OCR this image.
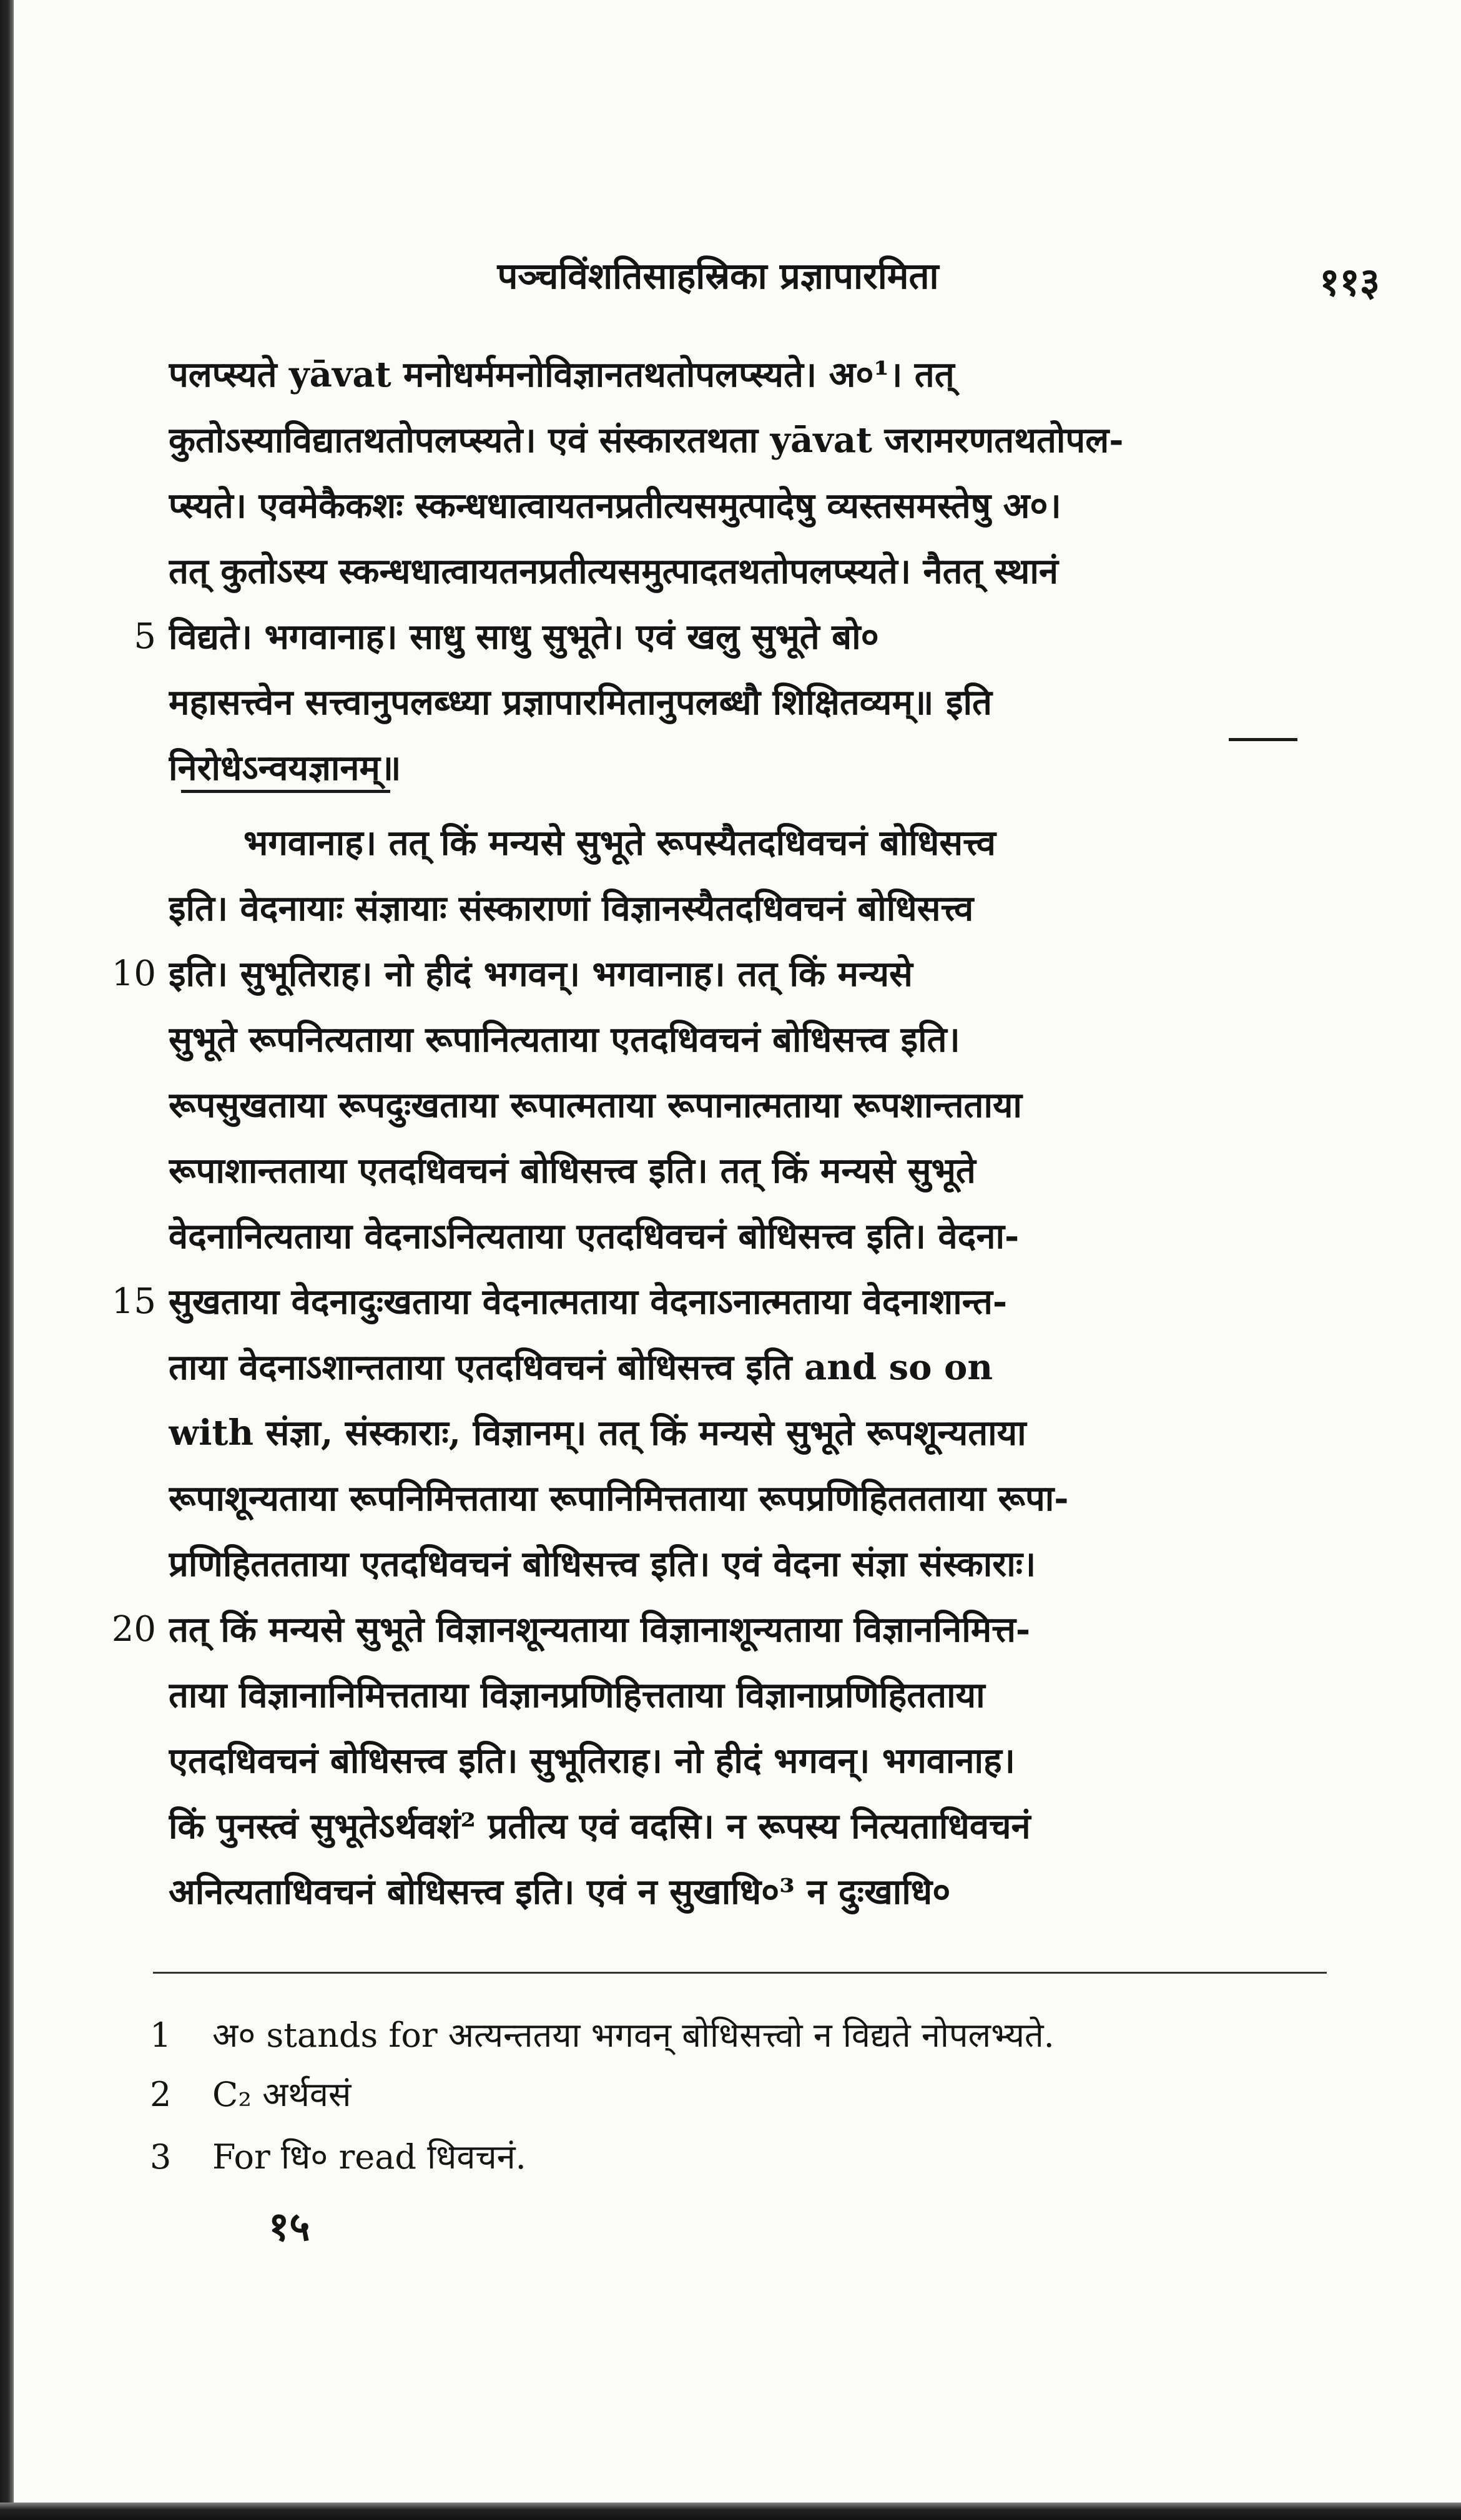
पञ्चविंशतिसाहस्रिका प्रज्ञापारमिता	११३
पलप्स्यते yāvat मनोधर्ममनोविज्ञानतथतोपलप्स्यते। अ०¹। तत्
कुतोऽस्याविद्यातथतोपलप्स्यते। एवं संस्कारतथता yāvat जरामरणतथतोपल-
प्स्यते। एवमेकैकशः स्कन्धधात्वायतनप्रतीत्यसमुत्पादेषु व्यस्तसमस्तेषु अ०।
तत् कुतोऽस्य स्कन्धधात्वायतनप्रतीत्यसमुत्पादतथतोपलप्स्यते। नैतत् स्थानं
5 विद्यते। भगवानाह। साधु साधु सुभूते। एवं खलु सुभूते बो०
महासत्त्वेन सत्त्वानुपलब्ध्या प्रज्ञापारमितानुपलब्धौ शिक्षितव्यम्॥ इति
निरोधेऽन्वयज्ञानम्॥
भगवानाह। तत् किं मन्यसे सुभूते रूपस्यैतदधिवचनं बोधिसत्त्व
इति। वेदनायाः संज्ञायाः संस्काराणां विज्ञानस्यैतदधिवचनं बोधिसत्त्व
10 इति। सुभूतिराह। नो हीदं भगवन्। भगवानाह। तत् किं मन्यसे
सुभूते रूपनित्यताया रूपानित्यताया एतदधिवचनं बोधिसत्त्व इति।
रूपसुखताया रूपदुःखताया रूपात्मताया रूपानात्मताया रूपशान्तताया
रूपाशान्तताया एतदधिवचनं बोधिसत्त्व इति। तत् किं मन्यसे सुभूते
वेदनानित्यताया वेदनाऽनित्यताया एतदधिवचनं बोधिसत्त्व इति। वेदना-
15 सुखताया वेदनादुःखताया वेदनात्मताया वेदनाऽनात्मताया वेदनाशान्त-
ताया वेदनाऽशान्तताया एतदधिवचनं बोधिसत्त्व इति and so on
with संज्ञा, संस्काराः, विज्ञानम्। तत् किं मन्यसे सुभूते रूपशून्यताया
रूपाशून्यताया रूपनिमित्तताया रूपानिमित्तताया रूपप्रणिहिततताया रूपा-
प्रणिहिततताया एतदधिवचनं बोधिसत्त्व इति। एवं वेदना संज्ञा संस्काराः।
20 तत् किं मन्यसे सुभूते विज्ञानशून्यताया विज्ञानाशून्यताया विज्ञाननिमित्त-
ताया विज्ञानानिमित्तताया विज्ञानप्रणिहित्तताया विज्ञानाप्रणिहितताया
एतदधिवचनं बोधिसत्त्व इति। सुभूतिराह। नो हीदं भगवन्। भगवानाह।
किं पुनस्त्वं सुभूतेऽर्थवशं² प्रतीत्य एवं वदसि। न रूपस्य नित्यताधिवचनं
अनित्यताधिवचनं बोधिसत्त्व इति। एवं न सुखाधि०³ न दुःखाधि०
1 अ० stands for अत्यन्ततया भगवन् बोधिसत्त्वो न विद्यते नोपलभ्यते.
2 C₂ अर्थवसं
3 For धि० read धिवचनं.
१५
